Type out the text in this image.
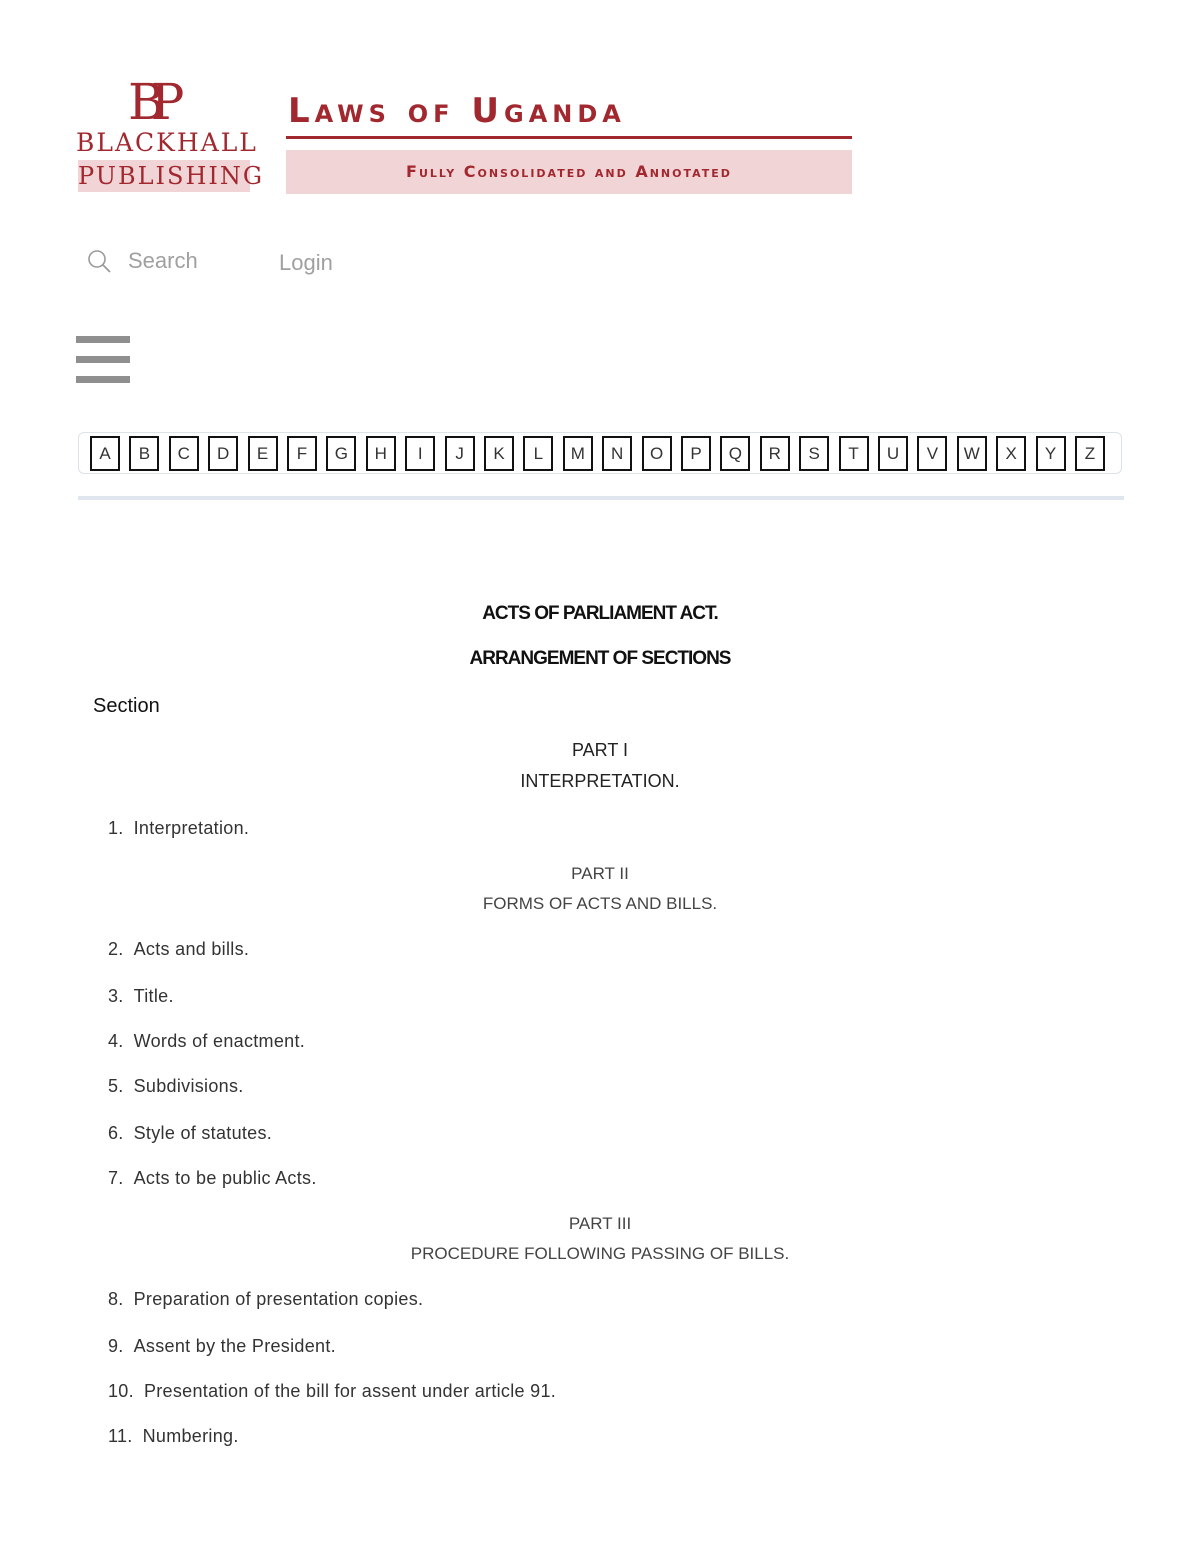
BP
BLACKHALL
PUBLISHING
Laws of Uganda
Fully Consolidated and Annotated
Search
Login
A	B	C	D	E	F	G	H	I	J	K	L	M	N	O	P	Q	R	S	T	U	V	W	X	Y	Z
ACTS OF PARLIAMENT ACT.
ARRANGEMENT OF SECTIONS
Section
PART I
INTERPRETATION.
1. Interpretation.
PART II
FORMS OF ACTS AND BILLS.
2. Acts and bills.
3. Title.
4. Words of enactment.
5. Subdivisions.
6. Style of statutes.
7. Acts to be public Acts.
PART III
PROCEDURE FOLLOWING PASSING OF BILLS.
8. Preparation of presentation copies.
9. Assent by the President.
10. Presentation of the bill for assent under article 91.
11. Numbering.
